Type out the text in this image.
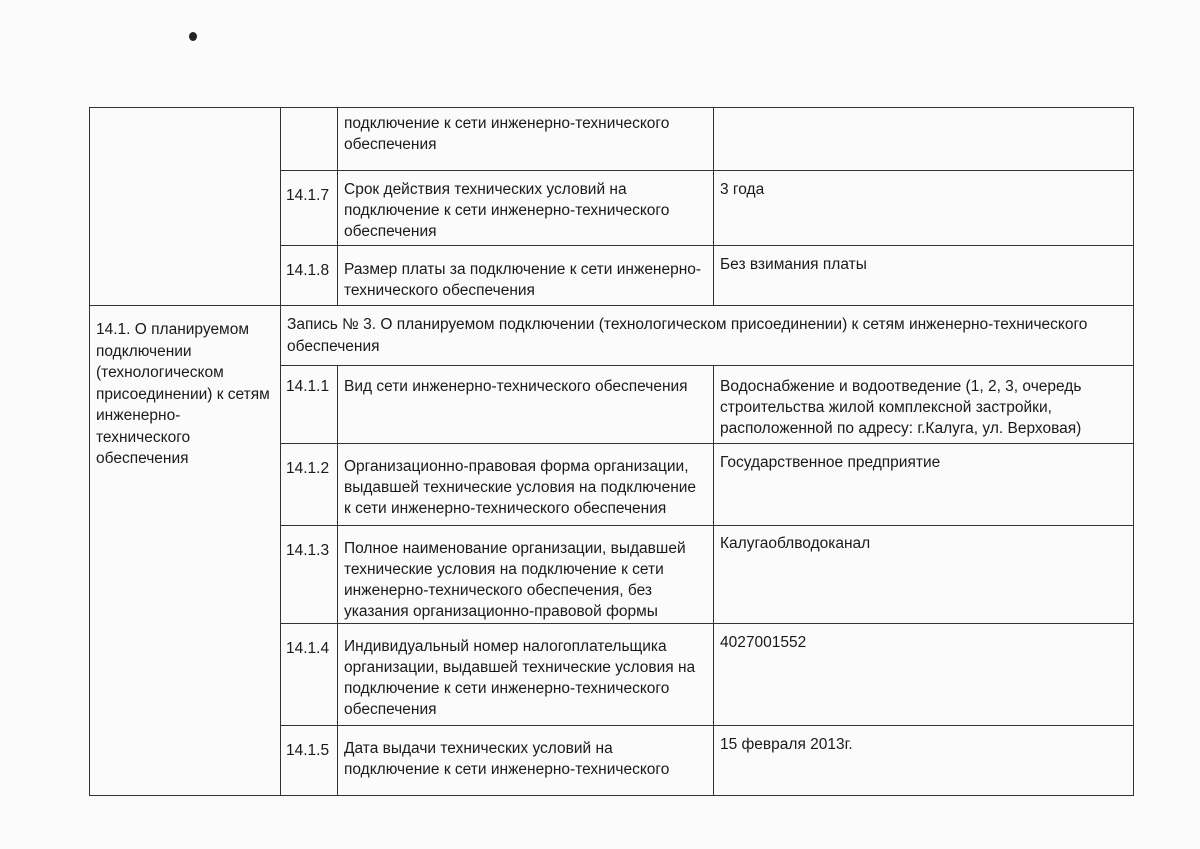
		подключение к сети инженерно-технического обеспечения	
	14.1.7	Срок действия технических условий на подключение к сети инженерно-технического обеспечения	3 года
	14.1.8	Размер платы за подключение к сети инженерно-технического обеспечения	Без взимания платы
14.1. О планируемом подключении (технологическом присоединении) к сетям инженерно-технического обеспечения	Запись № 3. О планируемом подключении (технологическом присоединении) к сетям инженерно-технического обеспечения		
	14.1.1	Вид сети инженерно-технического обеспечения	Водоснабжение и водоотведение (1, 2, 3, очередь строительства жилой комплексной застройки, расположенной по адресу: г.Калуга, ул. Верховая)
	14.1.2	Организационно-правовая форма организации, выдавшей технические условия на подключение к сети инженерно-технического обеспечения	Государственное предприятие
	14.1.3	Полное наименование организации, выдавшей технические условия на подключение к сети инженерно-технического обеспечения, без указания организационно-правовой формы	Калугаоблводоканал
	14.1.4	Индивидуальный номер налогоплательщика организации, выдавшей технические условия на подключение к сети инженерно-технического обеспечения	4027001552
	14.1.5	Дата выдачи технических условий на подключение к сети инженерно-технического	15 февраля 2013г.
